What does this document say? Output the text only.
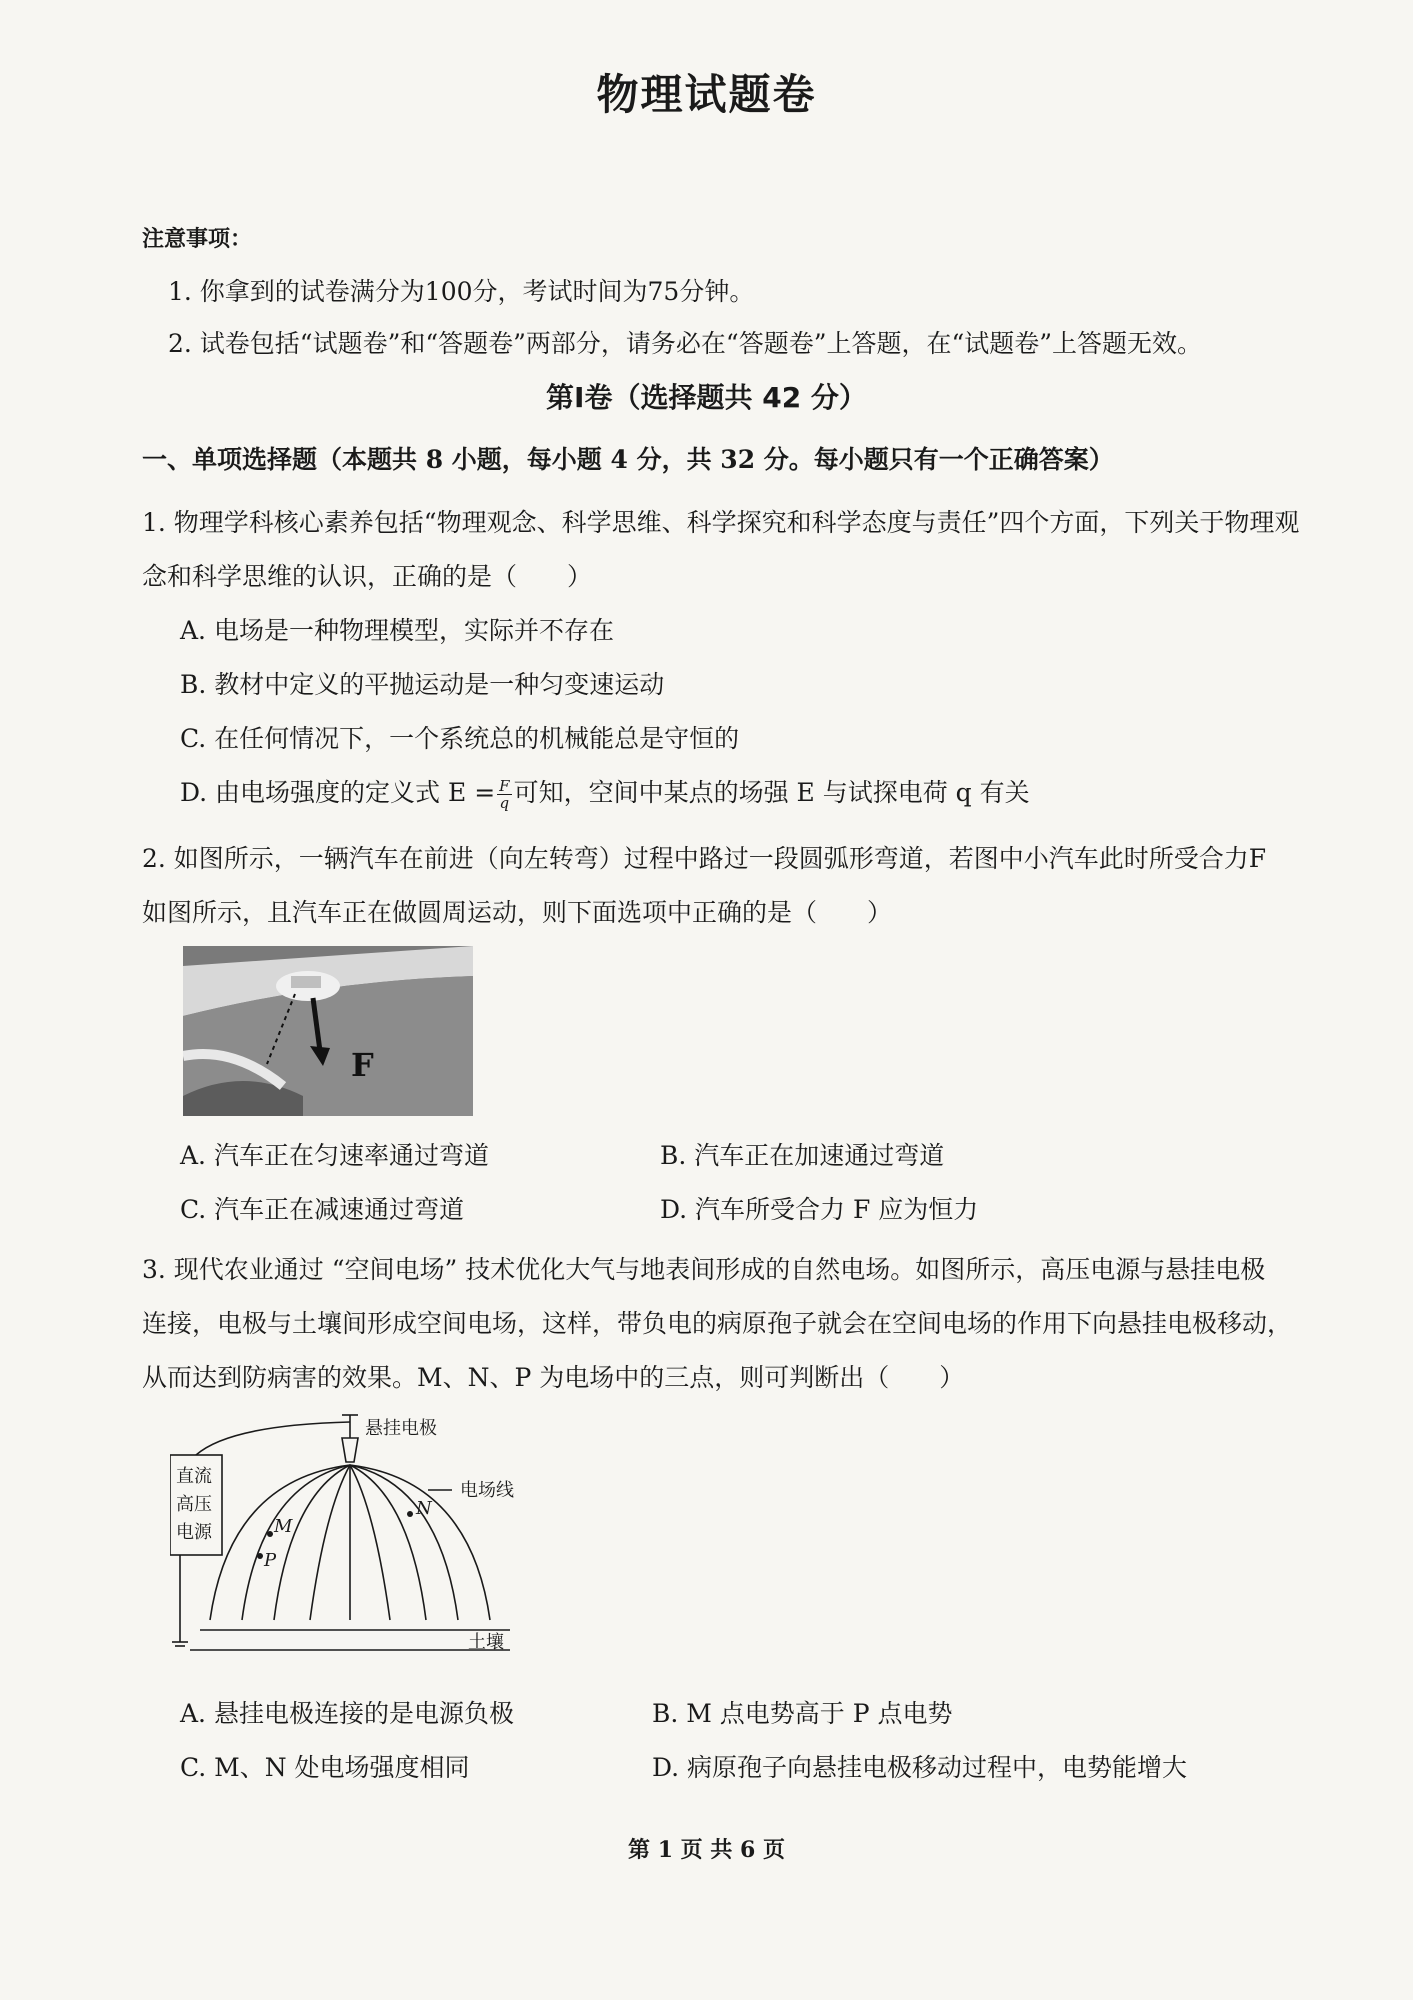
物理试题卷
注意事项：
1. 你拿到的试卷满分为100分，考试时间为75分钟。
2. 试卷包括“试题卷”和“答题卷”两部分，请务必在“答题卷”上答题，在“试题卷”上答题无效。
第I卷（选择题共 42 分）
一、单项选择题（本题共 8 小题，每小题 4 分，共 32 分。每小题只有一个正确答案）
1. 物理学科核心素养包括“物理观念、科学思维、科学探究和科学态度与责任”四个方面，下列关于物理观
念和科学思维的认识，正确的是（　　）
A. 电场是一种物理模型，实际并不存在
B. 教材中定义的平抛运动是一种匀变速运动
C. 在任何情况下，一个系统总的机械能总是守恒的
D. 由电场强度的定义式 $E = \frac{F}{q}$ 可知，空间中某点的场强 E 与试探电荷 q 有关
2. 如图所示，一辆汽车在前进（向左转弯）过程中路过一段圆弧形弯道，若图中小汽车此时所受合力F
如图所示，且汽车正在做圆周运动，则下面选项中正确的是（　　）
F
A. 汽车正在匀速率通过弯道	B. 汽车正在加速通过弯道
C. 汽车正在减速通过弯道	D. 汽车所受合力 F 应为恒力
3. 现代农业通过 “空间电场” 技术优化大气与地表间形成的自然电场。如图所示，高压电源与悬挂电极
连接，电极与土壤间形成空间电场，这样，带负电的病原孢子就会在空间电场的作用下向悬挂电极移动，
从而达到防病害的效果。M、N、P 为电场中的三点，则可判断出（　　）
悬挂电极
电场线
直流
高压
电源
土壤
M
P
N
A. 悬挂电极连接的是电源负极	B. M 点电势高于 P 点电势
C. M、N 处电场强度相同	D. 病原孢子向悬挂电极移动过程中，电势能增大
第 1 页 共 6 页
